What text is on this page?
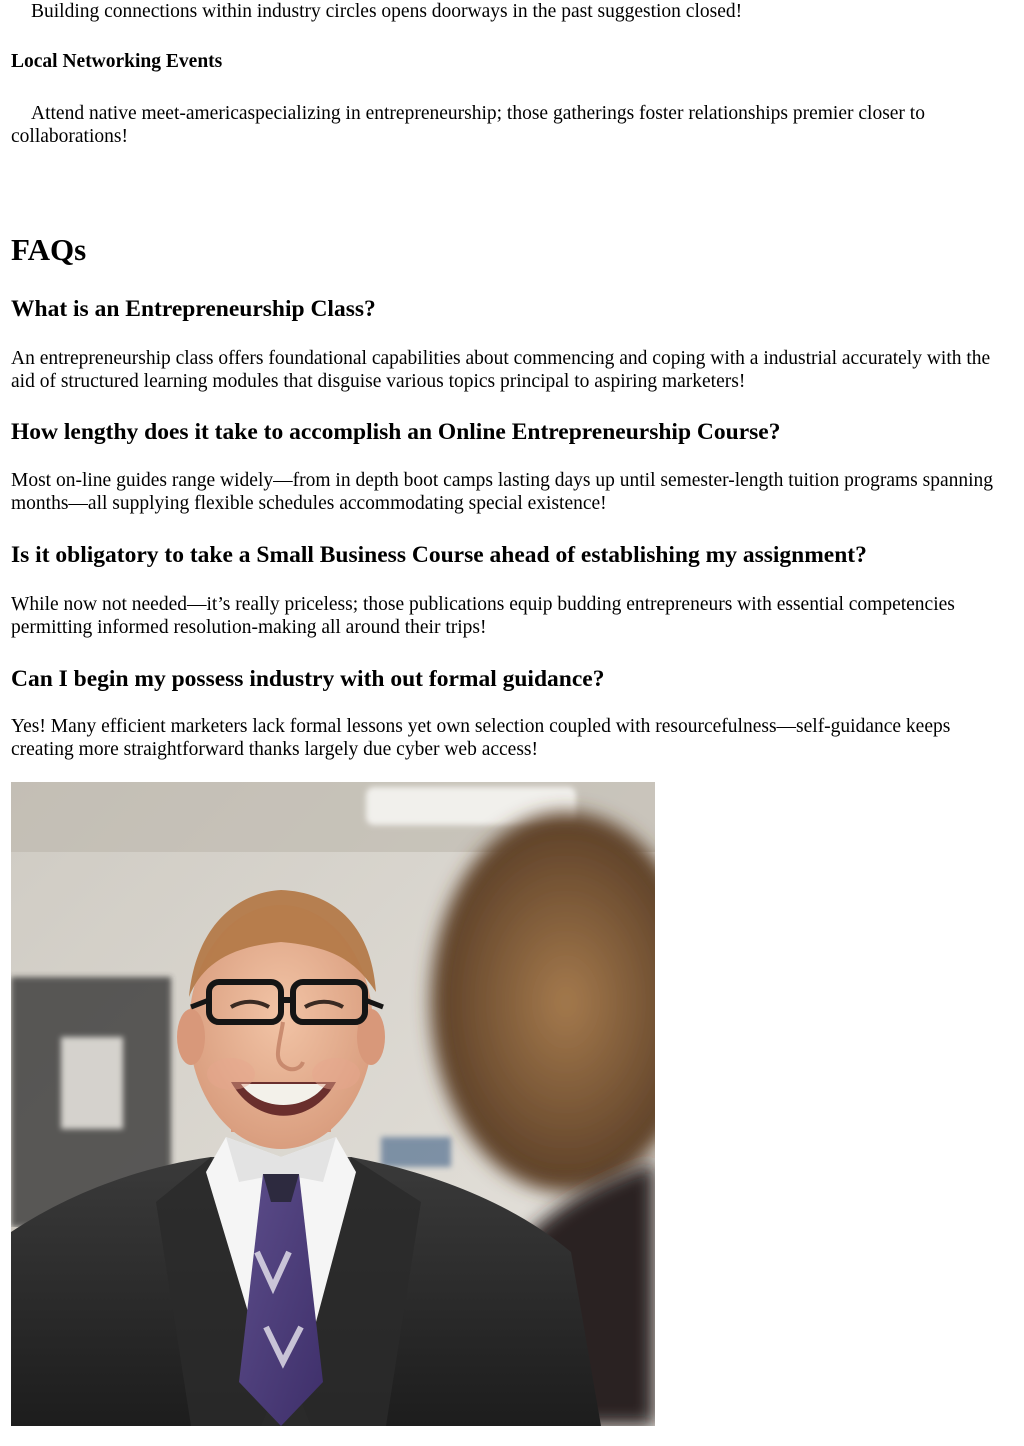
Building connections within industry circles opens doorways in the past suggestion closed!

Local Networking Events

Attend native meet-americaspecializing in entrepreneurship; those gatherings foster relationships premier closer to collaborations!

FAQs
What is an Entrepreneurship Class?

An entrepreneurship class offers foundational capabilities about commencing and coping with a industrial accurately with the aid of structured learning modules that disguise various topics principal to aspiring marketers!

How lengthy does it take to accomplish an Online Entrepreneurship Course?

Most on-line guides range widely—from in depth boot camps lasting days up until semester-length tuition programs spanning months—all supplying flexible schedules accommodating special existence!

Is it obligatory to take a Small Business Course ahead of establishing my assignment?

While now not needed—it’s really priceless; those publications equip budding entrepreneurs with essential competencies permitting informed resolution-making all around their trips!

Can I begin my possess industry with out formal guidance?

Yes! Many efficient marketers lack formal lessons yet own selection coupled with resourcefulness—self-guidance keeps creating more straightforward thanks largely due cyber web access!
